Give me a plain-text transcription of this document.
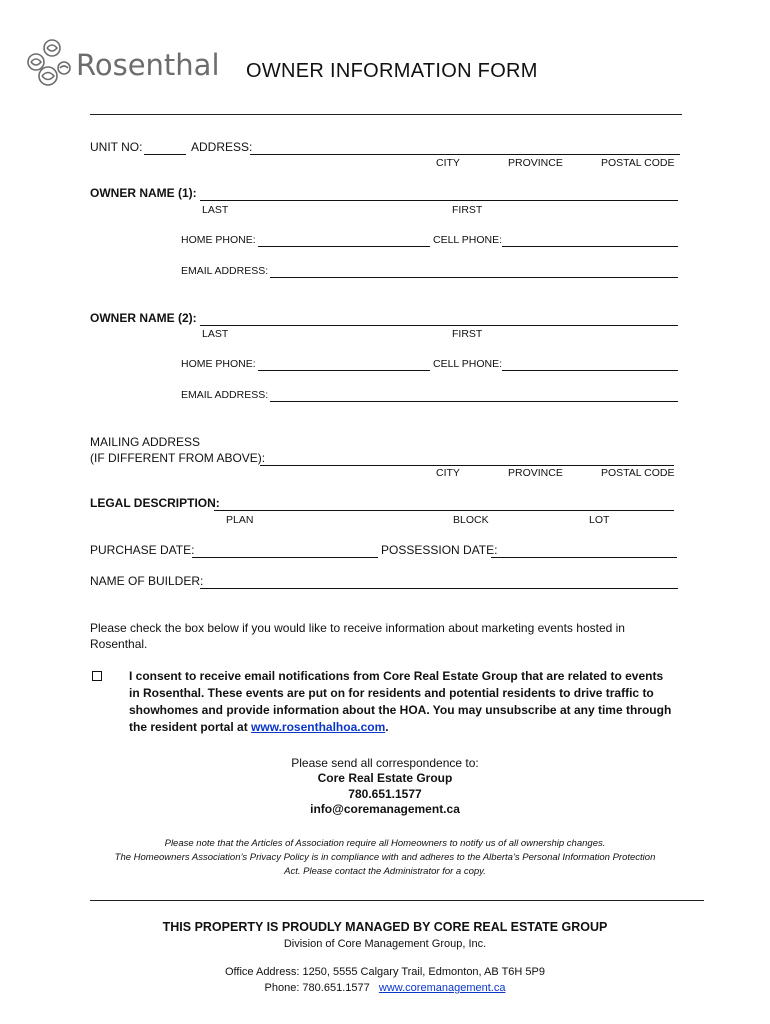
Rosenthal OWNER INFORMATION FORM
UNIT NO:	ADDRESS:
CITY	PROVINCE	POSTAL CODE
OWNER NAME (1):
LAST	FIRST
HOME PHONE:	CELL PHONE:
EMAIL ADDRESS:
OWNER NAME (2):
LAST	FIRST
HOME PHONE:	CELL PHONE:
EMAIL ADDRESS:
MAILING ADDRESS
(IF DIFFERENT FROM ABOVE):
CITY	PROVINCE	POSTAL CODE
LEGAL DESCRIPTION:
PLAN	BLOCK	LOT
PURCHASE DATE:	POSSESSION DATE:
NAME OF BUILDER:
Please check the box below if you would like to receive information about marketing events hosted in
Rosenthal.
I consent to receive email notifications from Core Real Estate Group that are related to events
in Rosenthal. These events are put on for residents and potential residents to drive traffic to
showhomes and provide information about the HOA. You may unsubscribe at any time through
the resident portal at www.rosenthalhoa.com.
Please send all correspondence to:
Core Real Estate Group
780.651.1577
info@coremanagement.ca
Please note that the Articles of Association require all Homeowners to notify us of all ownership changes.
The Homeowners Association’s Privacy Policy is in compliance with and adheres to the Alberta’s Personal Information Protection
Act. Please contact the Administrator for a copy.
THIS PROPERTY IS PROUDLY MANAGED BY CORE REAL ESTATE GROUP
Division of Core Management Group, Inc.
Office Address: 1250, 5555 Calgary Trail, Edmonton, AB T6H 5P9
Phone: 780.651.1577 www.coremanagement.ca
